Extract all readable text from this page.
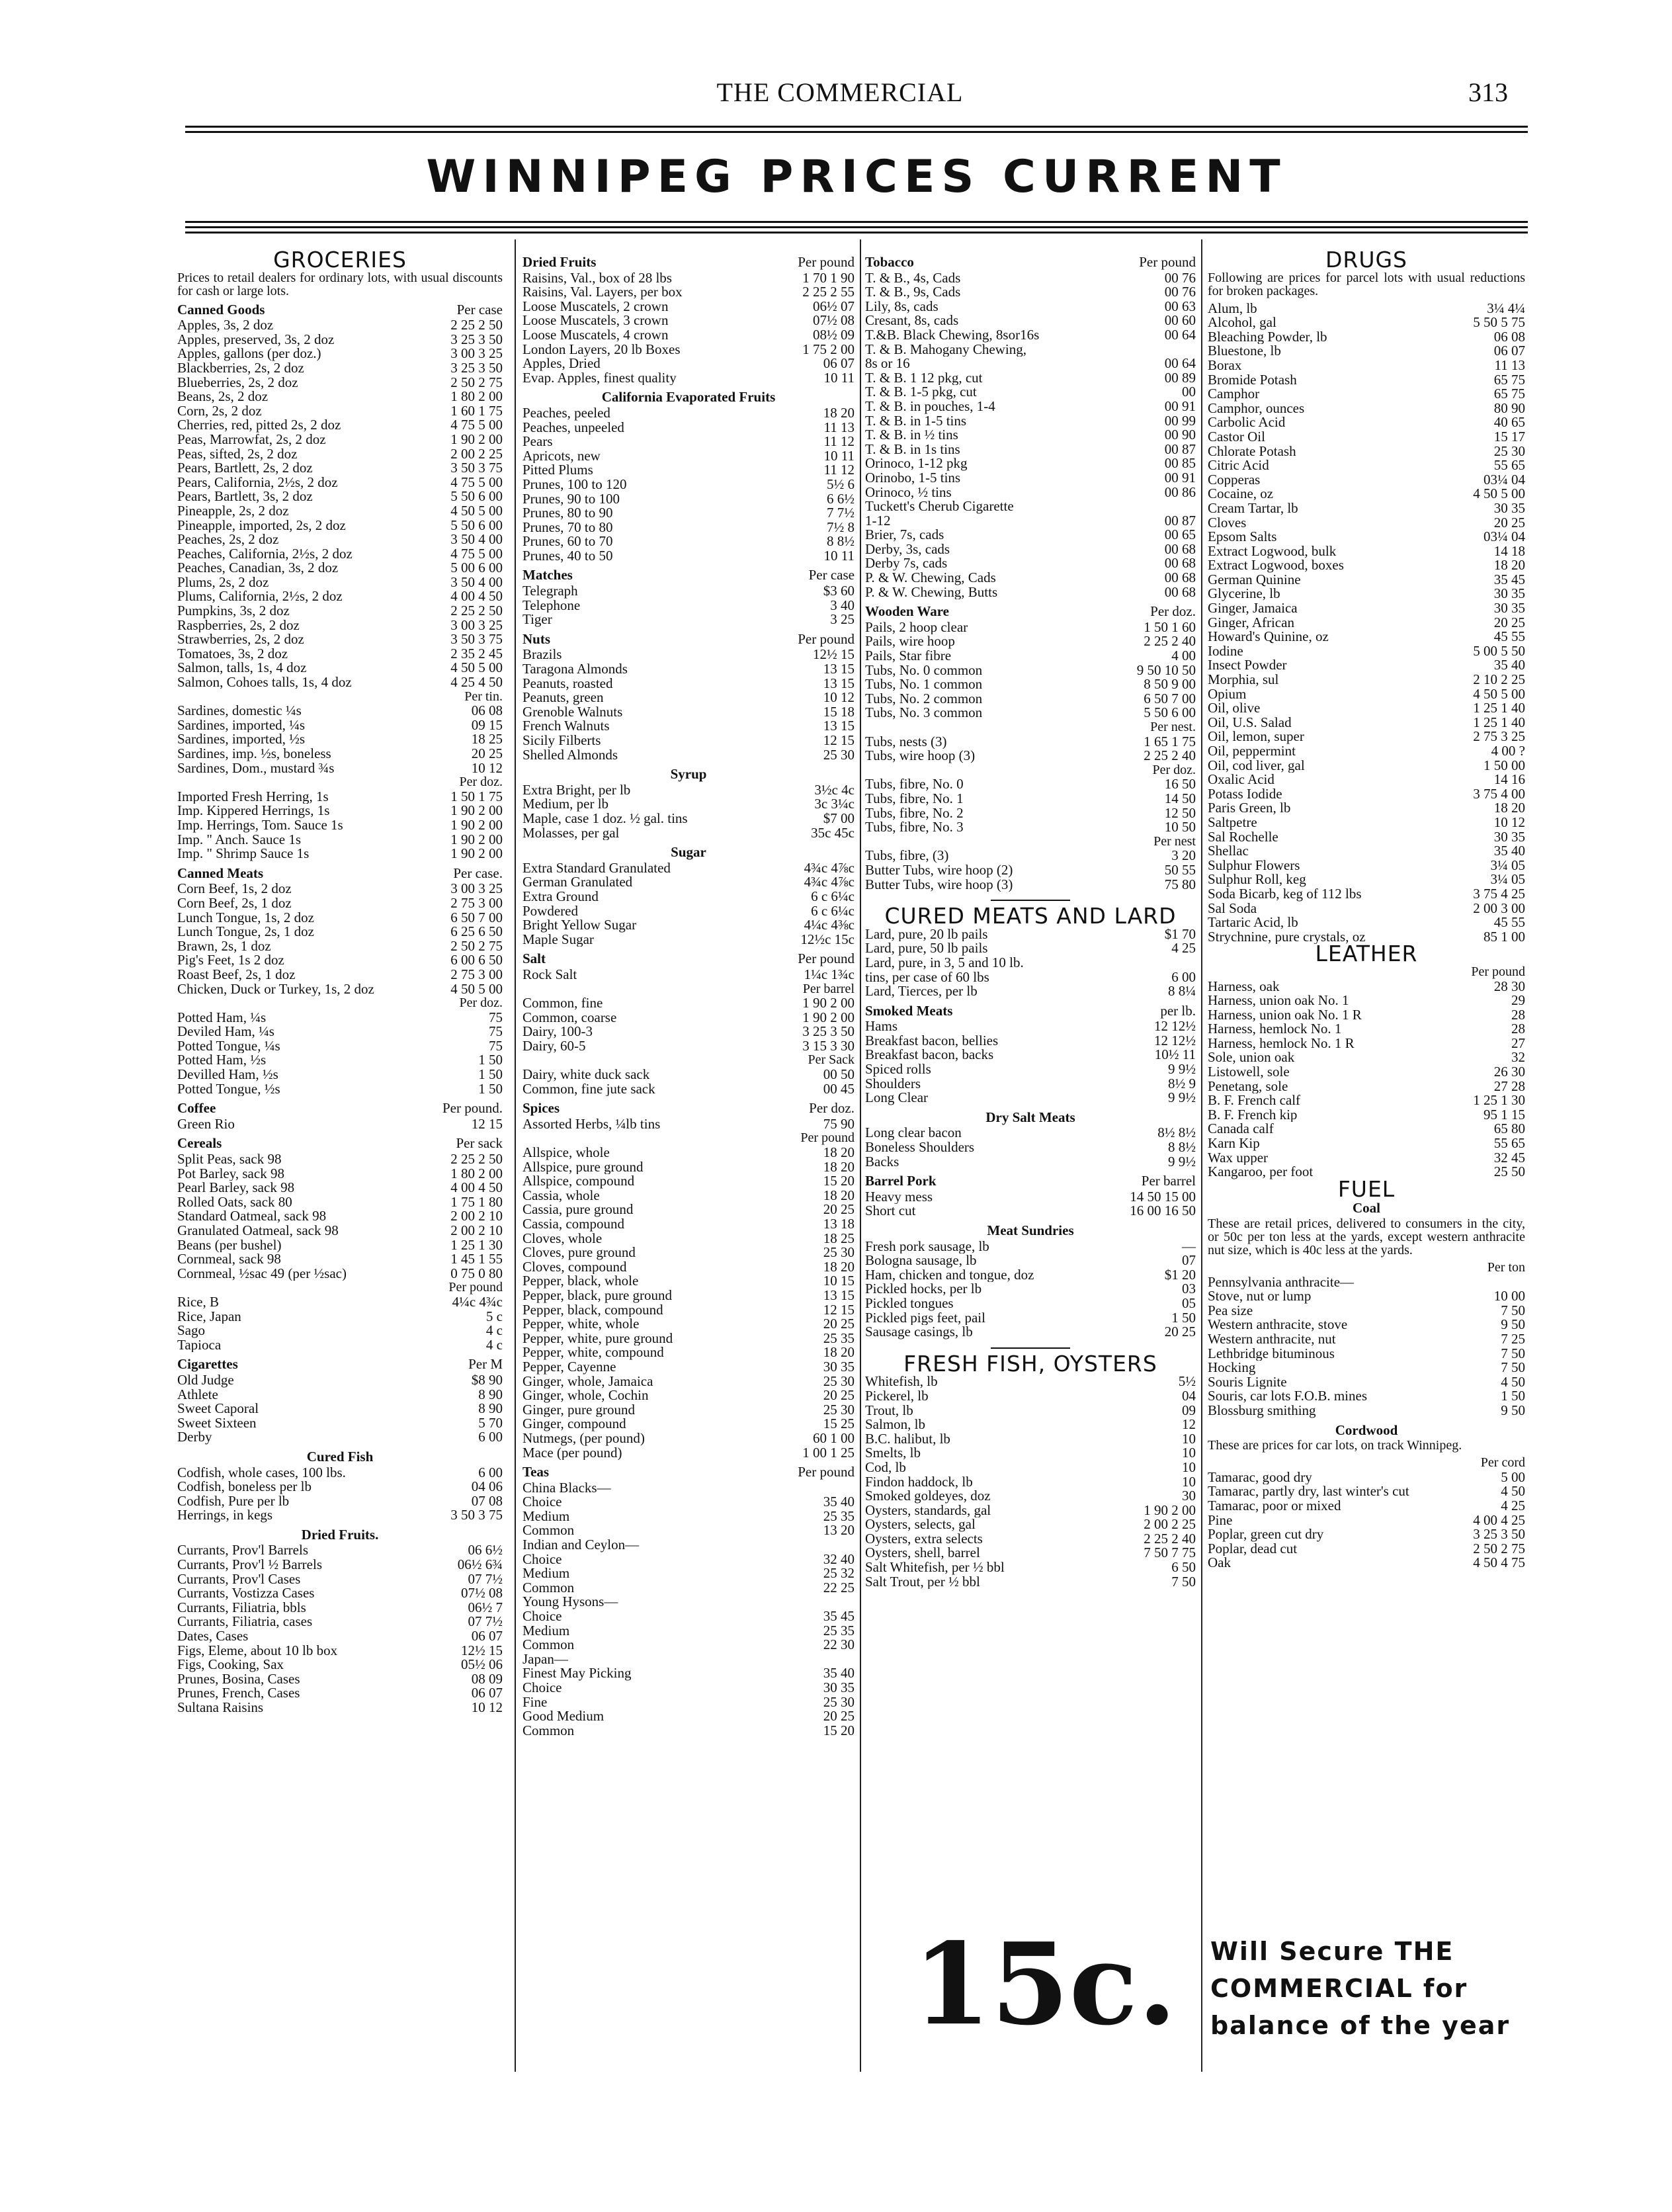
THE COMMERCIAL	313
WINNIPEG PRICES CURRENT
GROCERIES
Prices to retail dealers for ordinary lots, with usual discounts for cash or large lots.
Canned Goods	Per case
Apples, 3s, 2 doz	2 25 2 50
Apples, preserved, 3s, 2 doz	3 25 3 50
Apples, gallons (per doz.)	3 00 3 25
Blackberries, 2s, 2 doz	3 25 3 50
Blueberries, 2s, 2 doz	2 50 2 75
Beans, 2s, 2 doz	1 80 2 00
Corn, 2s, 2 doz	1 60 1 75
Cherries, red, pitted 2s, 2 doz	4 75 5 00
Peas, Marrowfat, 2s, 2 doz	1 90 2 00
Peas, sifted, 2s, 2 doz	2 00 2 25
Pears, Bartlett, 2s, 2 doz	3 50 3 75
Pears, California, 2½s, 2 doz	4 75 5 00
Pears, Bartlett, 3s, 2 doz	5 50 6 00
Pineapple, 2s, 2 doz	4 50 5 00
Pineapple, imported, 2s, 2 doz	5 50 6 00
Peaches, 2s, 2 doz	3 50 4 00
Peaches, California, 2½s, 2 doz	4 75 5 00
Peaches, Canadian, 3s, 2 doz	5 00 6 00
Plums, 2s, 2 doz	3 50 4 00
Plums, California, 2½s, 2 doz	4 00 4 50
Pumpkins, 3s, 2 doz	2 25 2 50
Raspberries, 2s, 2 doz	3 00 3 25
Strawberries, 2s, 2 doz	3 50 3 75
Tomatoes, 3s, 2 doz	2 35 2 45
Salmon, talls, 1s, 4 doz	4 50 5 00
Salmon, Cohoes talls, 1s, 4 doz	4 25 4 50
Per tin.
Sardines, domestic ¼s	06 08
Sardines, imported, ¼s	09 15
Sardines, imported, ½s	18 25
Sardines, imp. ½s, boneless	20 25
Sardines, Dom., mustard ¾s	10 12
Per doz.
Imported Fresh Herring, 1s	1 50 1 75
Imp. Kippered Herrings, 1s	1 90 2 00
Imp. Herrings, Tom. Sauce 1s	1 90 2 00
Imp. " Anch. Sauce 1s	1 90 2 00
Imp. " Shrimp Sauce 1s	1 90 2 00
Canned Meats	Per case.
Corn Beef, 1s, 2 doz	3 00 3 25
Corn Beef, 2s, 1 doz	2 75 3 00
Lunch Tongue, 1s, 2 doz	6 50 7 00
Lunch Tongue, 2s, 1 doz	6 25 6 50
Brawn, 2s, 1 doz	2 50 2 75
Pig's Feet, 1s 2 doz	6 00 6 50
Roast Beef, 2s, 1 doz	2 75 3 00
Chicken, Duck or Turkey, 1s, 2 doz	4 50 5 00
Per doz.
Potted Ham, ¼s	75
Deviled Ham, ¼s	75
Potted Tongue, ¼s	75
Potted Ham, ½s	1 50
Devilled Ham, ½s	1 50
Potted Tongue, ½s	1 50
Coffee	Per pound.
Green Rio	12 15
Cereals	Per sack
Split Peas, sack 98	2 25 2 50
Pot Barley, sack 98	1 80 2 00
Pearl Barley, sack 98	4 00 4 50
Rolled Oats, sack 80	1 75 1 80
Standard Oatmeal, sack 98	2 00 2 10
Granulated Oatmeal, sack 98	2 00 2 10
Beans (per bushel)	1 25 1 30
Cornmeal, sack 98	1 45 1 55
Cornmeal, ½sac 49 (per ½sac)	0 75 0 80
Per pound
Rice, B	4¼c 4¾c
Rice, Japan	5 c
Sago	4 c
Tapioca	4 c
Cigarettes	Per M
Old Judge	$8 90
Athlete	8 90
Sweet Caporal	8 90
Sweet Sixteen	5 70
Derby	6 00
Cured Fish
Codfish, whole cases, 100 lbs.	6 00
Codfish, boneless per lb	04 06
Codfish, Pure per lb	07 08
Herrings, in kegs	3 50 3 75
Dried Fruits.
Currants, Prov'l Barrels	06 6½
Currants, Prov'l ½ Barrels	06½ 6¾
Currants, Prov'l Cases	07 7½
Currants, Vostizza Cases	07½ 08
Currants, Filiatria, bbls	06½ 7
Currants, Filiatria, cases	07 7½
Dates, Cases	06 07
Figs, Eleme, about 10 lb box	12½ 15
Figs, Cooking, Sax	05½ 06
Prunes, Bosina, Cases	08 09
Prunes, French, Cases	06 07
Sultana Raisins	10 12
Dried Fruits	Per pound
Raisins, Val., box of 28 lbs	1 70 1 90
Raisins, Val. Layers, per box	2 25 2 55
Loose Muscatels, 2 crown	06½ 07
Loose Muscatels, 3 crown	07½ 08
Loose Muscatels, 4 crown	08½ 09
London Layers, 20 lb Boxes	1 75 2 00
Apples, Dried	06 07
Evap. Apples, finest quality	10 11
California Evaporated Fruits
Peaches, peeled	18 20
Peaches, unpeeled	11 13
Pears	11 12
Apricots, new	10 11
Pitted Plums	11 12
Prunes, 100 to 120	5½ 6
Prunes, 90 to 100	6 6½
Prunes, 80 to 90	7 7½
Prunes, 70 to 80	7½ 8
Prunes, 60 to 70	8 8½
Prunes, 40 to 50	10 11
Matches	Per case
Telegraph	$3 60
Telephone	3 40
Tiger	3 25
Nuts	Per pound
Brazils	12½ 15
Taragona Almonds	13 15
Peanuts, roasted	13 15
Peanuts, green	10 12
Grenoble Walnuts	15 18
French Walnuts	13 15
Sicily Filberts	12 15
Shelled Almonds	25 30
Syrup
Extra Bright, per lb	3½c 4c
Medium, per lb	3c 3¼c
Maple, case 1 doz. ½ gal. tins	$7 00
Molasses, per gal	35c 45c
Sugar
Extra Standard Granulated	4¾c 4⅞c
German Granulated	4¾c 4⅞c
Extra Ground	6 c 6¼c
Powdered	6 c 6¼c
Bright Yellow Sugar	4¼c 4⅜c
Maple Sugar	12½c 15c
Salt	Per pound
Rock Salt	1¼c 1¾c
Per barrel
Common, fine	1 90 2 00
Common, coarse	1 90 2 00
Dairy, 100-3	3 25 3 50
Dairy, 60-5	3 15 3 30
Per Sack
Dairy, white duck sack	00 50
Common, fine jute sack	00 45
Spices	Per doz.
Assorted Herbs, ¼lb tins	75 90
Per pound
Allspice, whole	18 20
Allspice, pure ground	18 20
Allspice, compound	15 20
Cassia, whole	18 20
Cassia, pure ground	20 25
Cassia, compound	13 18
Cloves, whole	18 25
Cloves, pure ground	25 30
Cloves, compound	18 20
Pepper, black, whole	10 15
Pepper, black, pure ground	13 15
Pepper, black, compound	12 15
Pepper, white, whole	20 25
Pepper, white, pure ground	25 35
Pepper, white, compound	18 20
Pepper, Cayenne	30 35
Ginger, whole, Jamaica	25 30
Ginger, whole, Cochin	20 25
Ginger, pure ground	25 30
Ginger, compound	15 25
Nutmegs, (per pound)	60 1 00
Mace (per pound)	1 00 1 25
Teas	Per pound
China Blacks—
Choice	35 40
Medium	25 35
Common	13 20
Indian and Ceylon—
Choice	32 40
Medium	25 32
Common	22 25
Young Hysons—
Choice	35 45
Medium	25 35
Common	22 30
Japan—
Finest May Picking	35 40
Choice	30 35
Fine	25 30
Good Medium	20 25
Common	15 20
Tobacco	Per pound
T. & B., 4s, Cads	00 76
T. & B., 9s, Cads	00 76
Lily, 8s, cads	00 63
Cresant, 8s, cads	00 60
T.&B. Black Chewing, 8sor16s	00 64
T. & B. Mahogany Chewing,
8s or 16	00 64
T. & B. 1 12 pkg, cut	00 89
T. & B. 1-5 pkg, cut	00
T. & B. in pouches, 1-4	00 91
T. & B. in 1-5 tins	00 99
T. & B. in ½ tins	00 90
T. & B. in 1s tins	00 87
Orinoco, 1-12 pkg	00 85
Orinobo, 1-5 tins	00 91
Orinoco, ½ tins	00 86
Tuckett's Cherub Cigarette
1-12	00 87
Brier, 7s, cads	00 65
Derby, 3s, cads	00 68
Derby 7s, cads	00 68
P. & W. Chewing, Cads	00 68
P. & W. Chewing, Butts	00 68
Wooden Ware	Per doz.
Pails, 2 hoop clear	1 50 1 60
Pails, wire hoop	2 25 2 40
Pails, Star fibre	4 00
Tubs, No. 0 common	9 50 10 50
Tubs, No. 1 common	8 50 9 00
Tubs, No. 2 common	6 50 7 00
Tubs, No. 3 common	5 50 6 00
Per nest.
Tubs, nests (3)	1 65 1 75
Tubs, wire hoop (3)	2 25 2 40
Per doz.
Tubs, fibre, No. 0	16 50
Tubs, fibre, No. 1	14 50
Tubs, fibre, No. 2	12 50
Tubs, fibre, No. 3	10 50
Per nest
Tubs, fibre, (3)	3 20
Butter Tubs, wire hoop (2)	50 55
Butter Tubs, wire hoop (3)	75 80
CURED MEATS AND LARD
Lard, pure, 20 lb pails	$1 70
Lard, pure, 50 lb pails	4 25
Lard, pure, in 3, 5 and 10 lb.
tins, per case of 60 lbs	6 00
Lard, Tierces, per lb	8 8¼
Smoked Meats	per lb.
Hams	12 12½
Breakfast bacon, bellies	12 12½
Breakfast bacon, backs	10½ 11
Spiced rolls	9 9½
Shoulders	8½ 9
Long Clear	9 9½
Dry Salt Meats
Long clear bacon	8½ 8½
Boneless Shoulders	8 8½
Backs	9 9½
Barrel Pork	Per barrel
Heavy mess	14 50 15 00
Short cut	16 00 16 50
Meat Sundries
Fresh pork sausage, lb	—
Bologna sausage, lb	07
Ham, chicken and tongue, doz	$1 20
Pickled hocks, per lb	03
Pickled tongues	05
Pickled pigs feet, pail	1 50
Sausage casings, lb	20 25
FRESH FISH, OYSTERS
Whitefish, lb	5½
Pickerel, lb	04
Trout, lb	09
Salmon, lb	12
B.C. halibut, lb	10
Smelts, lb	10
Cod, lb	10
Findon haddock, lb	10
Smoked goldeyes, doz	30
Oysters, standards, gal	1 90 2 00
Oysters, selects, gal	2 00 2 25
Oysters, extra selects	2 25 2 40
Oysters, shell, barrel	7 50 7 75
Salt Whitefish, per ½ bbl	6 50
Salt Trout, per ½ bbl	7 50
DRUGS
Following are prices for parcel lots with usual reductions for broken packages.
Alum, lb	3¼ 4¼
Alcohol, gal	5 50 5 75
Bleaching Powder, lb	06 08
Bluestone, lb	06 07
Borax	11 13
Bromide Potash	65 75
Camphor	65 75
Camphor, ounces	80 90
Carbolic Acid	40 65
Castor Oil	15 17
Chlorate Potash	25 30
Citric Acid	55 65
Copperas	03¼ 04
Cocaine, oz	4 50 5 00
Cream Tartar, lb	30 35
Cloves	20 25
Epsom Salts	03¼ 04
Extract Logwood, bulk	14 18
Extract Logwood, boxes	18 20
German Quinine	35 45
Glycerine, lb	30 35
Ginger, Jamaica	30 35
Ginger, African	20 25
Howard's Quinine, oz	45 55
Iodine	5 00 5 50
Insect Powder	35 40
Morphia, sul	2 10 2 25
Opium	4 50 5 00
Oil, olive	1 25 1 40
Oil, U.S. Salad	1 25 1 40
Oil, lemon, super	2 75 3 25
Oil, peppermint	4 00 ?
Oil, cod liver, gal	1 50 00
Oxalic Acid	14 16
Potass Iodide	3 75 4 00
Paris Green, lb	18 20
Saltpetre	10 12
Sal Rochelle	30 35
Shellac	35 40
Sulphur Flowers	3¼ 05
Sulphur Roll, keg	3¼ 05
Soda Bicarb, keg of 112 lbs	3 75 4 25
Sal Soda	2 00 3 00
Tartaric Acid, lb	45 55
Strychnine, pure crystals, oz	85 1 00
LEATHER
Per pound
Harness, oak	28 30
Harness, union oak No. 1	29
Harness, union oak No. 1 R	28
Harness, hemlock No. 1	28
Harness, hemlock No. 1 R	27
Sole, union oak	32
Listowell, sole	26 30
Penetang, sole	27 28
B. F. French calf	1 25 1 30
B. F. French kip	95 1 15
Canada calf	65 80
Karn Kip	55 65
Wax upper	32 45
Kangaroo, per foot	25 50
FUEL
Coal
These are retail prices, delivered to consumers in the city, or 50c per ton less at the yards, except western anthracite nut size, which is 40c less at the yards.
Per ton
Pennsylvania anthracite—
Stove, nut or lump	10 00
Pea size	7 50
Western anthracite, stove	9 50
Western anthracite, nut	7 25
Lethbridge bituminous	7 50
Hocking	7 50
Souris Lignite	4 50
Souris, car lots F.O.B. mines	1 50
Blossburg smithing	9 50
Cordwood
These are prices for car lots, on track Winnipeg.
Per cord
Tamarac, good dry	5 00
Tamarac, partly dry, last winter's cut	4 50
Tamarac, poor or mixed	4 25
Pine	4 00 4 25
Poplar, green cut dry	3 25 3 50
Poplar, dead cut	2 50 2 75
Oak	4 50 4 75
15c. Will Secure THE
COMMERCIAL for
balance of the year
